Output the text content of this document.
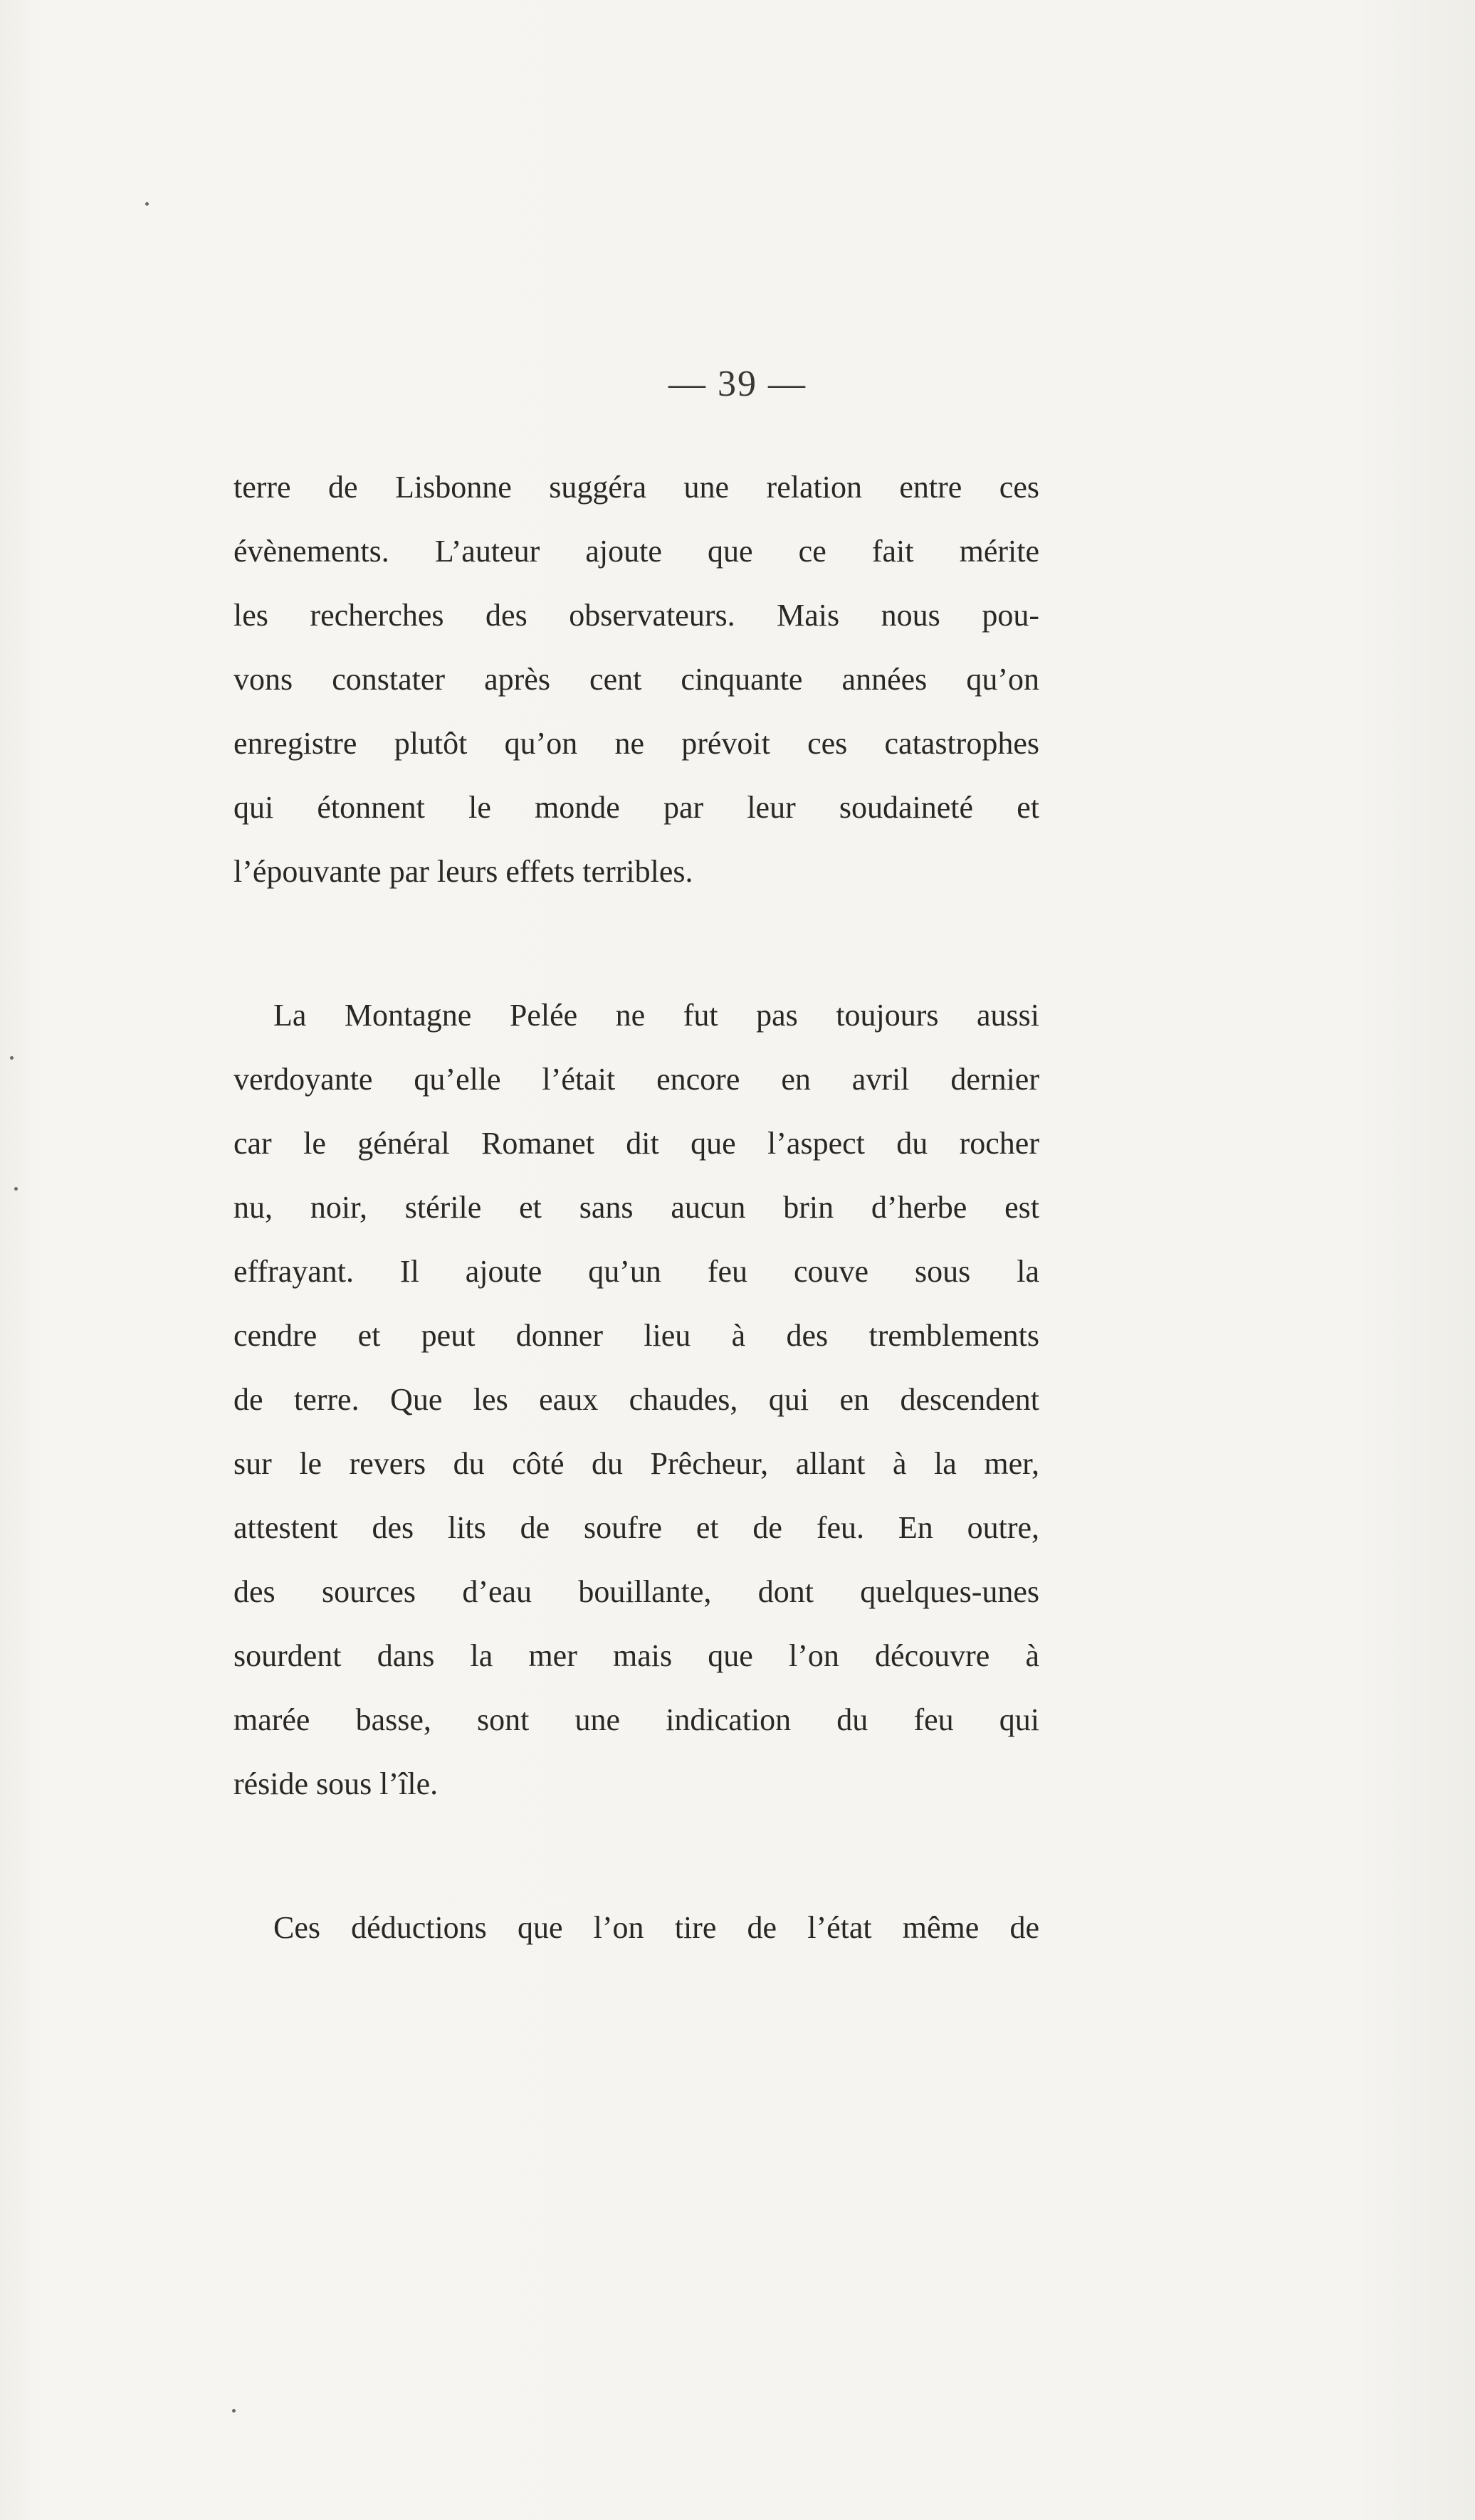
— 39 —
terre de Lisbonne suggéra une relation entre ces
évènements. L’auteur ajoute que ce fait mérite
les recherches des observateurs. Mais nous pou-
vons constater après cent cinquante années qu’on
enregistre plutôt qu’on ne prévoit ces catastrophes
qui étonnent le monde par leur soudaineté et
l’épouvante par leurs effets terribles.
La Montagne Pelée ne fut pas toujours aussi
verdoyante qu’elle l’était encore en avril dernier
car le général Romanet dit que l’aspect du rocher
nu, noir, stérile et sans aucun brin d’herbe est
effrayant. Il ajoute qu’un feu couve sous la
cendre et peut donner lieu à des tremblements
de terre. Que les eaux chaudes, qui en descendent
sur le revers du côté du Prêcheur, allant à la mer,
attestent des lits de soufre et de feu. En outre,
des sources d’eau bouillante, dont quelques-unes
sourdent dans la mer mais que l’on découvre à
marée basse, sont une indication du feu qui
réside sous l’île.
Ces déductions que l’on tire de l’état même de
